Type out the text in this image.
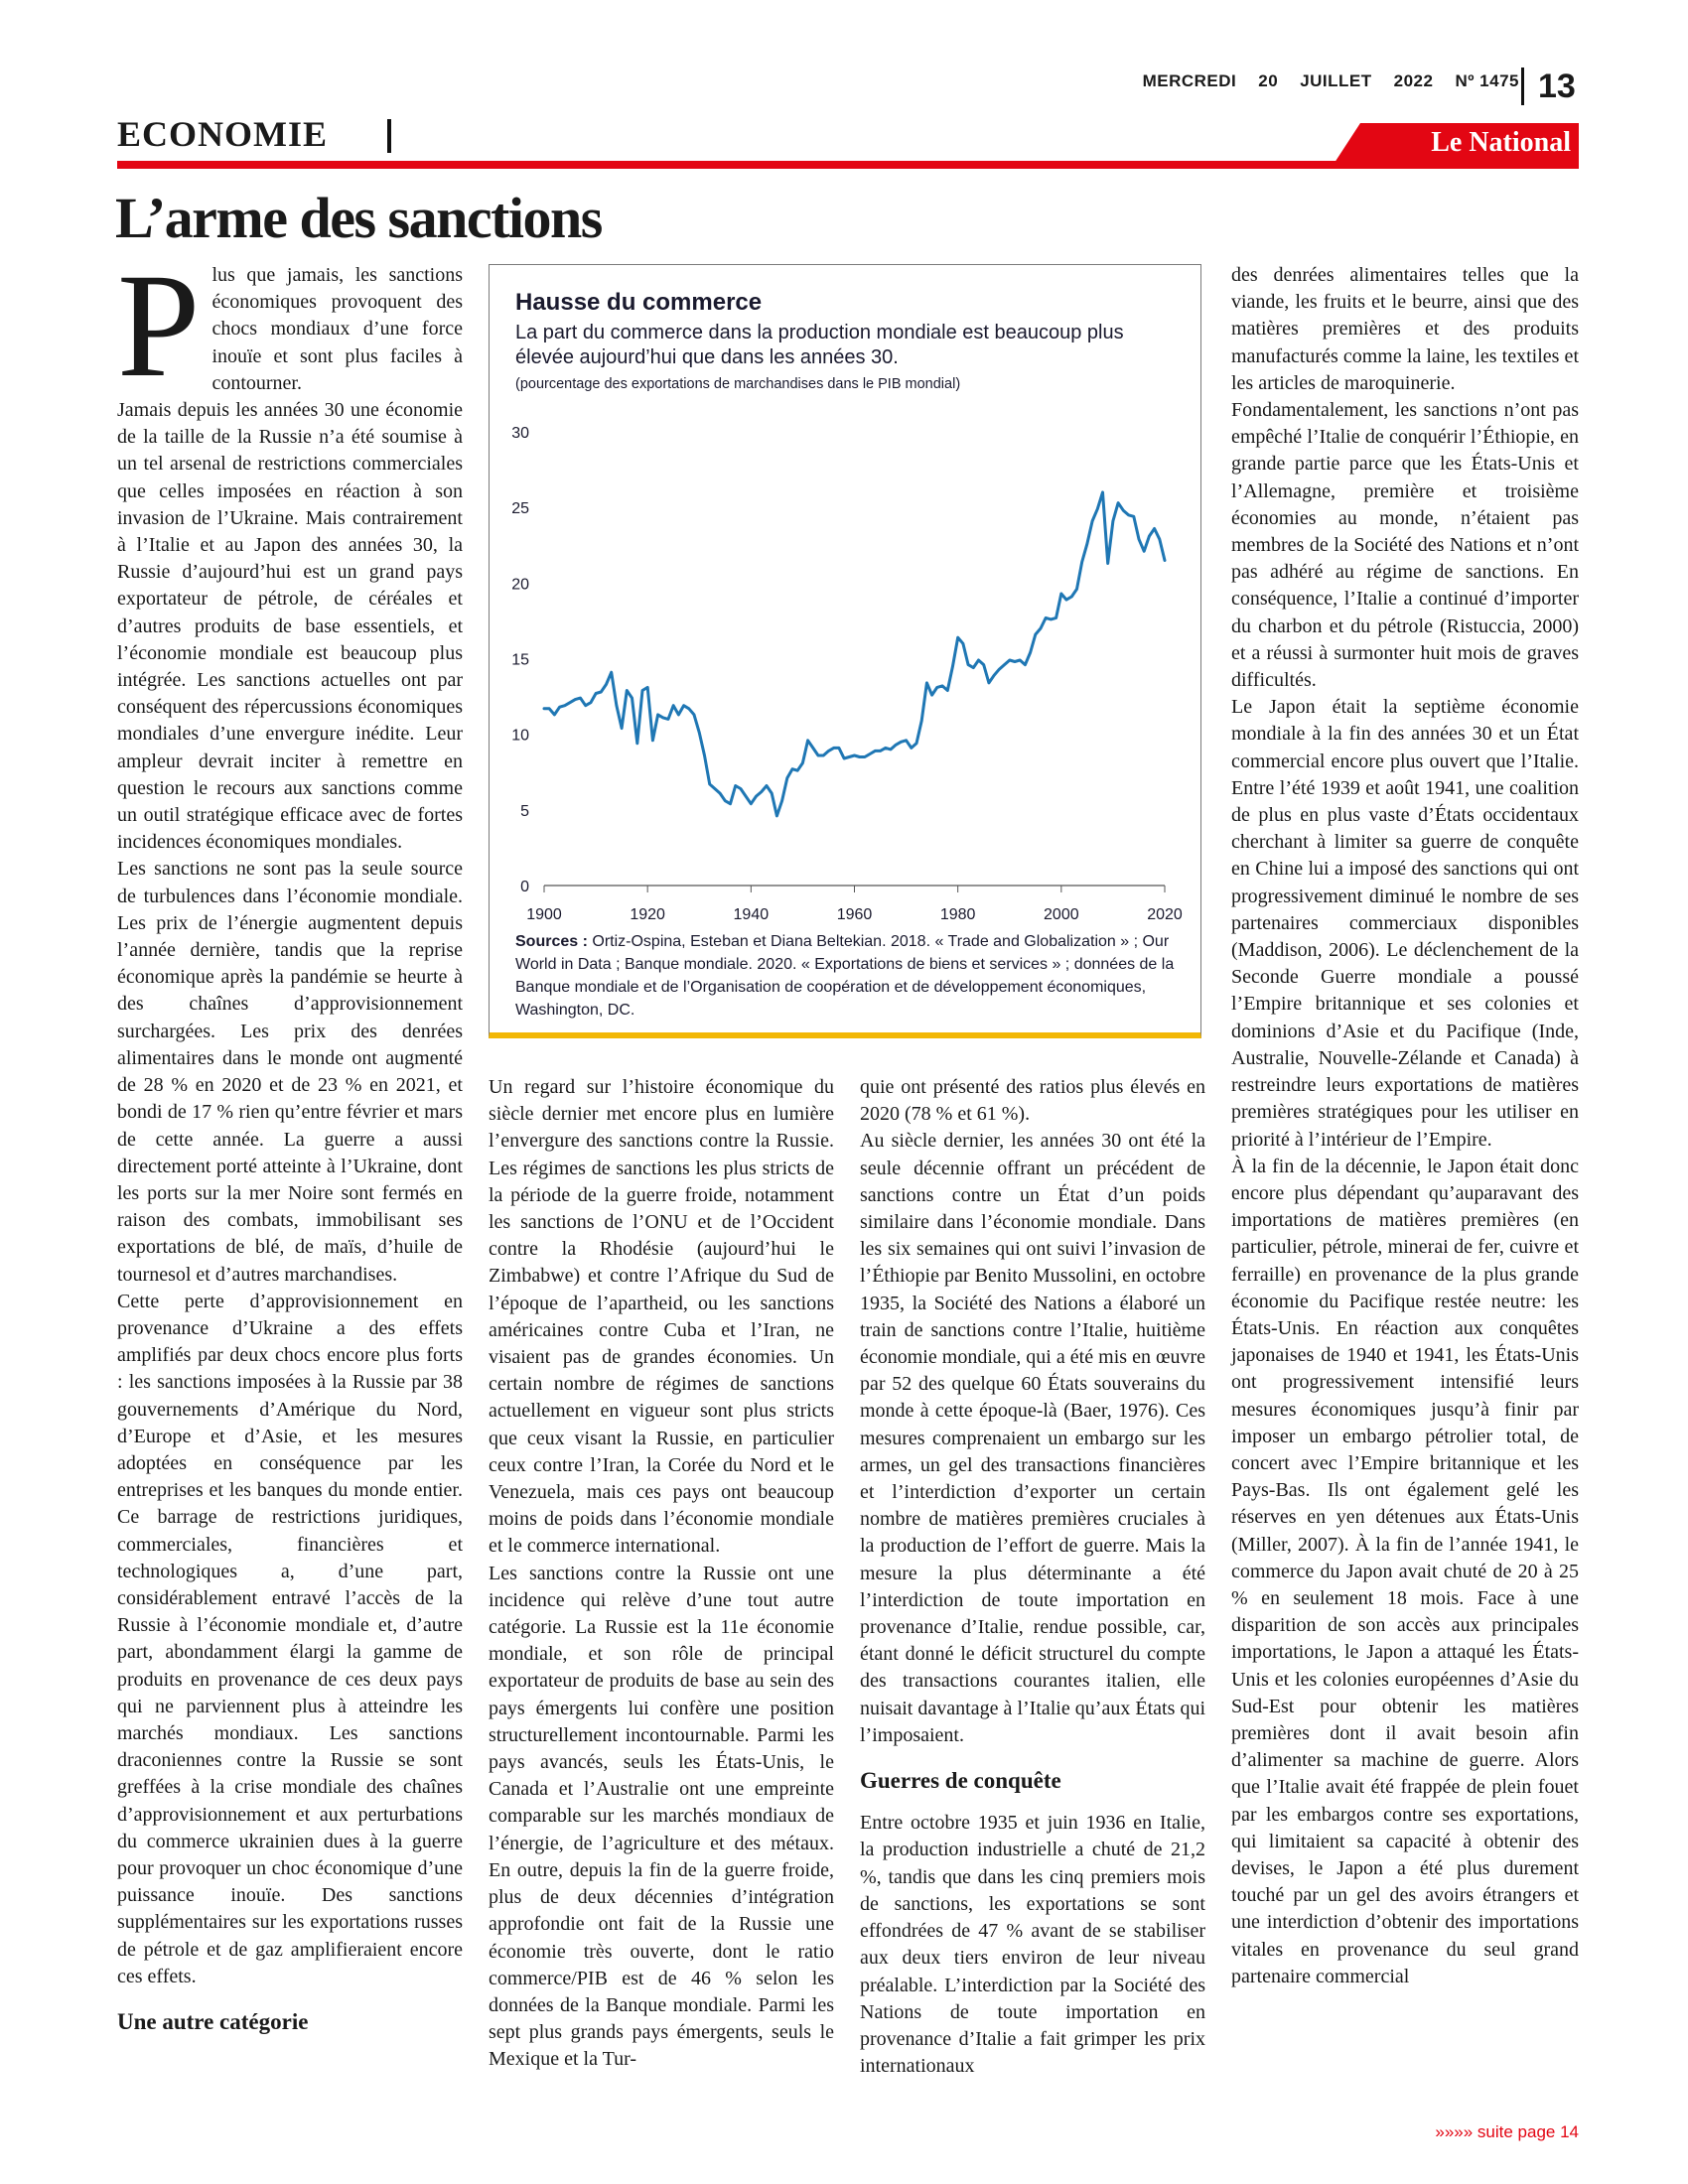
MERCREDI 20 JUILLET 2022 Nº 1475 13
ECONOMIE	Le National
L’arme des sanctions

Plus que jamais, les sanctions économiques provoquent des chocs mondiaux d’une force inouïe et sont plus faciles à contourner.

Jamais depuis les années 30 une économie de la taille de la Russie n’a été soumise à un tel arsenal de restrictions commerciales que celles imposées en réaction à son invasion de l’Ukraine. Mais contrairement à l’Italie et au Japon des années 30, la Russie d’aujourd’hui est un grand pays exportateur de pétrole, de céréales et d’autres produits de base essentiels, et l’économie mondiale est beaucoup plus intégrée. Les sanctions actuelles ont par conséquent des répercussions économiques mondiales d’une envergure inédite. Leur ampleur devrait inciter à remettre en question le recours aux sanctions comme un outil stratégique efficace avec de fortes incidences économiques mondiales.

Les sanctions ne sont pas la seule source de turbulences dans l’économie mondiale. Les prix de l’énergie augmentent depuis l’année dernière, tandis que la reprise économique après la pandémie se heurte à des chaînes d’approvisionnement surchargées. Les prix des denrées alimentaires dans le monde ont augmenté de 28 % en 2020 et de 23 % en 2021, et bondi de 17 % rien qu’entre février et mars de cette année. La guerre a aussi directement porté atteinte à l’Ukraine, dont les ports sur la mer Noire sont fermés en raison des combats, immobilisant ses exportations de blé, de maïs, d’huile de tournesol et d’autres marchandises.

Cette perte d’approvisionnement en provenance d’Ukraine a des effets amplifiés par deux chocs encore plus forts : les sanctions imposées à la Russie par 38 gouvernements d’Amérique du Nord, d’Europe et d’Asie, et les mesures adoptées en conséquence par les entreprises et les banques du monde entier. Ce barrage de restrictions juridiques, commerciales, financières et technologiques a, d’une part, considérablement entravé l’accès de la Russie à l’économie mondiale et, d’autre part, abondamment élargi la gamme de produits en provenance de ces deux pays qui ne parviennent plus à atteindre les marchés mondiaux. Les sanctions draconiennes contre la Russie se sont greffées à la crise mondiale des chaînes d’approvisionnement et aux perturbations du commerce ukrainien dues à la guerre pour provoquer un choc économique d’une puissance inouïe. Des sanctions supplémentaires sur les exportations russes de pétrole et de gaz amplifieraient encore ces effets.

Une autre catégorie

Hausse du commerce
La part du commerce dans la production mondiale est beaucoup plus élevée aujourd’hui que dans les années 30.
(pourcentage des exportations de marchandises dans le PIB mondial)
0
5
10
15
20
25
30
1900	1920	1940	1960	1980	2000	2020
Sources : Ortiz-Ospina, Esteban et Diana Beltekian. 2018. « Trade and Globalization » ; Our World in Data ; Banque mondiale. 2020. « Exportations de biens et services » ; données de la Banque mondiale et de l’Organisation de coopération et de développement économiques, Washington, DC.

Un regard sur l’histoire économique du siècle dernier met encore plus en lumière l’envergure des sanctions contre la Russie. Les régimes de sanctions les plus stricts de la période de la guerre froide, notamment les sanctions de l’ONU et de l’Occident contre la Rhodésie (aujourd’hui le Zimbabwe) et contre l’Afrique du Sud de l’époque de l’apartheid, ou les sanctions américaines contre Cuba et l’Iran, ne visaient pas de grandes économies. Un certain nombre de régimes de sanctions actuellement en vigueur sont plus stricts que ceux visant la Russie, en particulier ceux contre l’Iran, la Corée du Nord et le Venezuela, mais ces pays ont beaucoup moins de poids dans l’économie mondiale et le commerce international.

Les sanctions contre la Russie ont une incidence qui relève d’une tout autre catégorie. La Russie est la 11e économie mondiale, et son rôle de principal exportateur de produits de base au sein des pays émergents lui confère une position structurellement incontournable. Parmi les pays avancés, seuls les États-Unis, le Canada et l’Australie ont une empreinte comparable sur les marchés mondiaux de l’énergie, de l’agriculture et des métaux. En outre, depuis la fin de la guerre froide, plus de deux décennies d’intégration approfondie ont fait de la Russie une économie très ouverte, dont le ratio commerce/PIB est de 46 % selon les données de la Banque mondiale. Parmi les sept plus grands pays émergents, seuls le Mexique et la Tur-

quie ont présenté des ratios plus élevés en 2020 (78 % et 61 %).

Au siècle dernier, les années 30 ont été la seule décennie offrant un précédent de sanctions contre un État d’un poids similaire dans l’économie mondiale. Dans les six semaines qui ont suivi l’invasion de l’Éthiopie par Benito Mussolini, en octobre 1935, la Société des Nations a élaboré un train de sanctions contre l’Italie, huitième économie mondiale, qui a été mis en œuvre par 52 des quelque 60 États souverains du monde à cette époque-là (Baer, 1976). Ces mesures comprenaient un embargo sur les armes, un gel des transactions financières et l’interdiction d’exporter un certain nombre de matières premières cruciales à la production de l’effort de guerre. Mais la mesure la plus déterminante a été l’interdiction de toute importation en provenance d’Italie, rendue possible, car, étant donné le déficit structurel du compte des transactions courantes italien, elle nuisait davantage à l’Italie qu’aux États qui l’imposaient.

Guerres de conquête

Entre octobre 1935 et juin 1936 en Italie, la production industrielle a chuté de 21,2 %, tandis que dans les cinq premiers mois de sanctions, les exportations se sont effondrées de 47 % avant de se stabiliser aux deux tiers environ de leur niveau préalable. L’interdiction par la Société des Nations de toute importation en provenance d’Italie a fait grimper les prix internationaux

des denrées alimentaires telles que la viande, les fruits et le beurre, ainsi que des matières premières et des produits manufacturés comme la laine, les textiles et les articles de maroquinerie.

Fondamentalement, les sanctions n’ont pas empêché l’Italie de conquérir l’Éthiopie, en grande partie parce que les États-Unis et l’Allemagne, première et troisième économies au monde, n’étaient pas membres de la Société des Nations et n’ont pas adhéré au régime de sanctions. En conséquence, l’Italie a continué d’importer du charbon et du pétrole (Ristuccia, 2000) et a réussi à surmonter huit mois de graves difficultés.

Le Japon était la septième économie mondiale à la fin des années 30 et un État commercial encore plus ouvert que l’Italie. Entre l’été 1939 et août 1941, une coalition de plus en plus vaste d’États occidentaux cherchant à limiter sa guerre de conquête en Chine lui a imposé des sanctions qui ont progressivement diminué le nombre de ses partenaires commerciaux disponibles (Maddison, 2006). Le déclenchement de la Seconde Guerre mondiale a poussé l’Empire britannique et ses colonies et dominions d’Asie et du Pacifique (Inde, Australie, Nouvelle-Zélande et Canada) à restreindre leurs exportations de matières premières stratégiques pour les utiliser en priorité à l’intérieur de l’Empire.

À la fin de la décennie, le Japon était donc encore plus dépendant qu’auparavant des importations de matières premières (en particulier, pétrole, minerai de fer, cuivre et ferraille) en provenance de la plus grande économie du Pacifique restée neutre: les États-Unis. En réaction aux conquêtes japonaises de 1940 et 1941, les États-Unis ont progressivement intensifié leurs mesures économiques jusqu’à finir par imposer un embargo pétrolier total, de concert avec l’Empire britannique et les Pays-Bas. Ils ont également gelé les réserves en yen détenues aux États-Unis (Miller, 2007). À la fin de l’année 1941, le commerce du Japon avait chuté de 20 à 25 % en seulement 18 mois. Face à une disparition de son accès aux principales importations, le Japon a attaqué les États-Unis et les colonies européennes d’Asie du Sud-Est pour obtenir les matières premières dont il avait besoin afin d’alimenter sa machine de guerre. Alors que l’Italie avait été frappée de plein fouet par les embargos contre ses exportations, qui limitaient sa capacité à obtenir des devises, le Japon a été plus durement touché par un gel des avoirs étrangers et une interdiction d’obtenir des importations vitales en provenance du seul grand partenaire commercial

»»»» suite page 14
